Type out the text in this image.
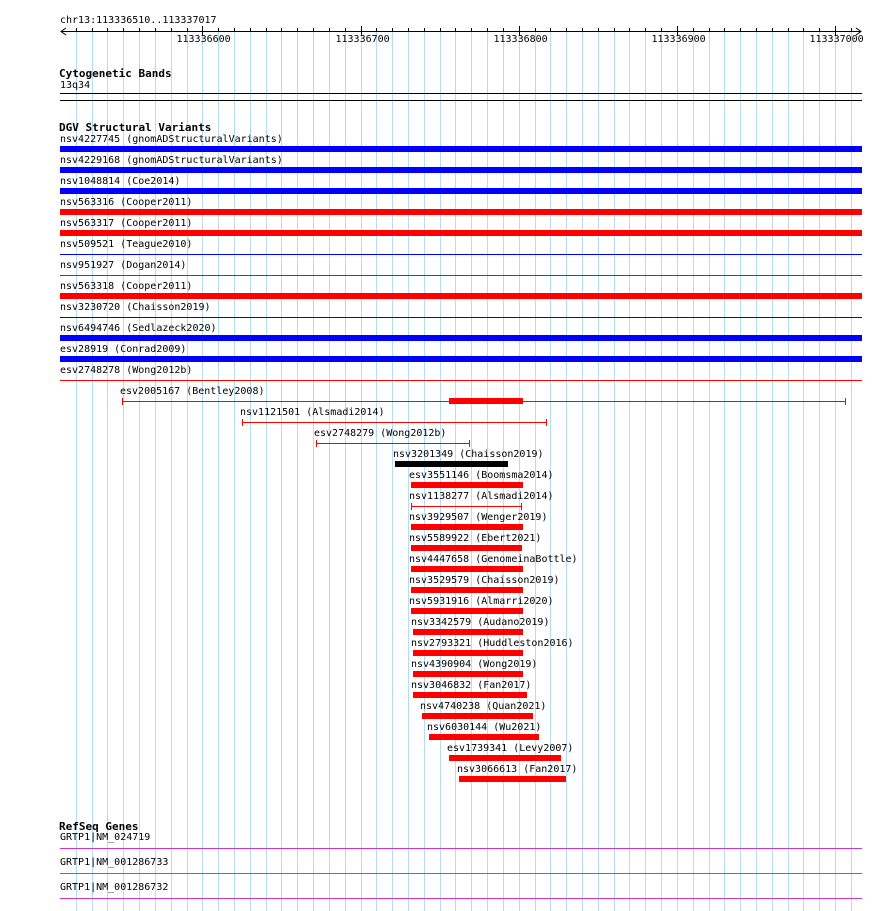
chr13:113336510..113337017
113336600	113336700	113336800	113336900	113337000
Cytogenetic Bands
13q34
DGV Structural Variants
nsv4227745 (gnomADStructuralVariants)
nsv4229168 (gnomADStructuralVariants)
nsv1048814 (Coe2014)
nsv563316 (Cooper2011)
nsv563317 (Cooper2011)
nsv509521 (Teague2010)
nsv951927 (Dogan2014)
nsv563318 (Cooper2011)
nsv3230720 (Chaisson2019)
nsv6494746 (Sedlazeck2020)
esv28919 (Conrad2009)
esv2748278 (Wong2012b)
esv2005167 (Bentley2008)
nsv1121501 (Alsmadi2014)
esv2748279 (Wong2012b)
nsv3201349 (Chaisson2019)
esv3551146 (Boomsma2014)
nsv1138277 (Alsmadi2014)
nsv3929507 (Wenger2019)
nsv5589922 (Ebert2021)
nsv4447658 (GenomeinaBottle)
nsv3529579 (Chaisson2019)
nsv5931916 (Almarri2020)
nsv3342579 (Audano2019)
nsv2793321 (Huddleston2016)
nsv4390904 (Wong2019)
nsv3046832 (Fan2017)
nsv4740238 (Quan2021)
nsv6030144 (Wu2021)
esv1739341 (Levy2007)
nsv3066613 (Fan2017)
RefSeq Genes
GRTP1|NM_024719
GRTP1|NM_001286733
GRTP1|NM_001286732
